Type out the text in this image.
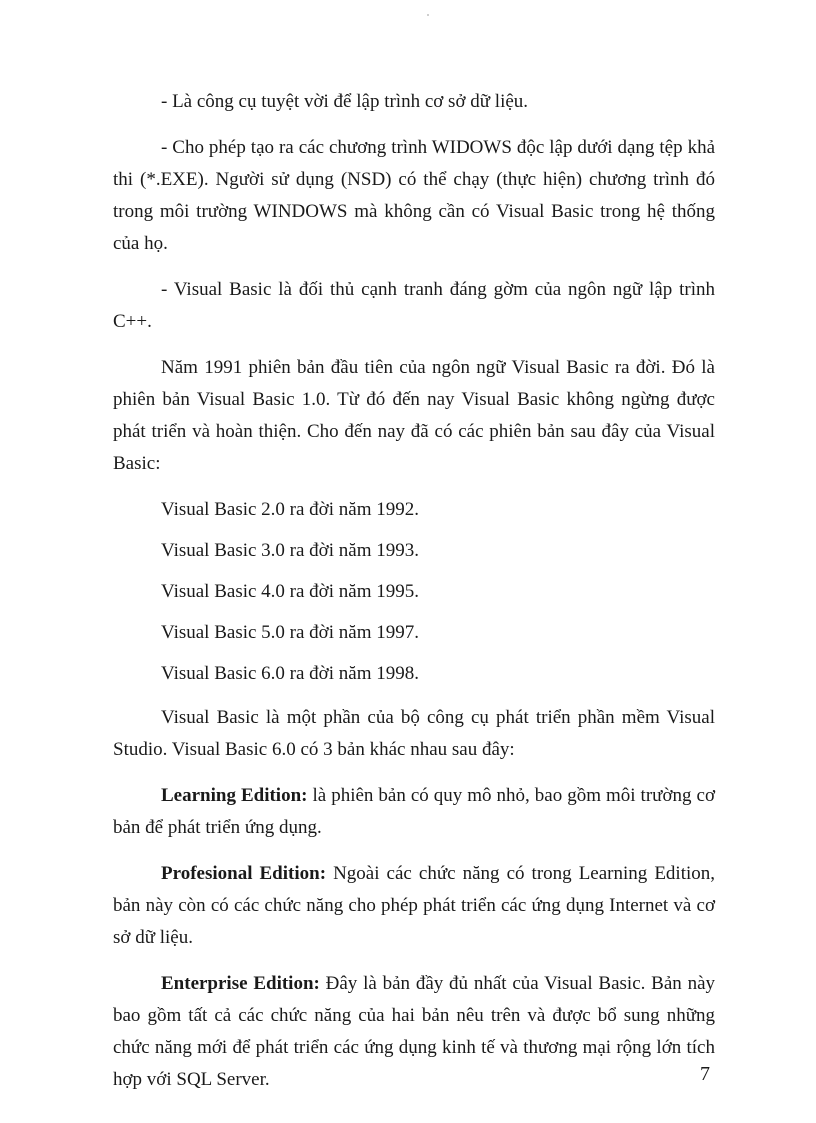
- Là công cụ tuyệt vời để lập trình cơ sở dữ liệu.

- Cho phép tạo ra các chương trình WIDOWS độc lập dưới dạng tệp khả thi (*.EXE). Người sử dụng (NSD) có thể chạy (thực hiện) chương trình đó trong môi trường WINDOWS mà không cần có Visual Basic trong hệ thống của họ.

- Visual Basic là đối thủ cạnh tranh đáng gờm của ngôn ngữ lập trình C++.

Năm 1991 phiên bản đầu tiên của ngôn ngữ Visual Basic ra đời. Đó là phiên bản Visual Basic 1.0. Từ đó đến nay Visual Basic không ngừng được phát triển và hoàn thiện. Cho đến nay đã có các phiên bản sau đây của Visual Basic:

Visual Basic 2.0 ra đời năm 1992.

Visual Basic 3.0 ra đời năm 1993.

Visual Basic 4.0 ra đời năm 1995.

Visual Basic 5.0 ra đời năm 1997.

Visual Basic 6.0 ra đời năm 1998.

Visual Basic là một phần của bộ công cụ phát triển phần mềm Visual Studio. Visual Basic 6.0 có 3 bản khác nhau sau đây:

Learning Edition: là phiên bản có quy mô nhỏ, bao gồm môi trường cơ bản để phát triển ứng dụng.

Profesional Edition: Ngoài các chức năng có trong Learning Edition, bản này còn có các chức năng cho phép phát triển các ứng dụng Internet và cơ sở dữ liệu.

Enterprise Edition: Đây là bản đầy đủ nhất của Visual Basic. Bản này bao gồm tất cả các chức năng của hai bản nêu trên và được bổ sung những chức năng mới để phát triển các ứng dụng kinh tế và thương mại rộng lớn tích hợp với SQL Server.	7
